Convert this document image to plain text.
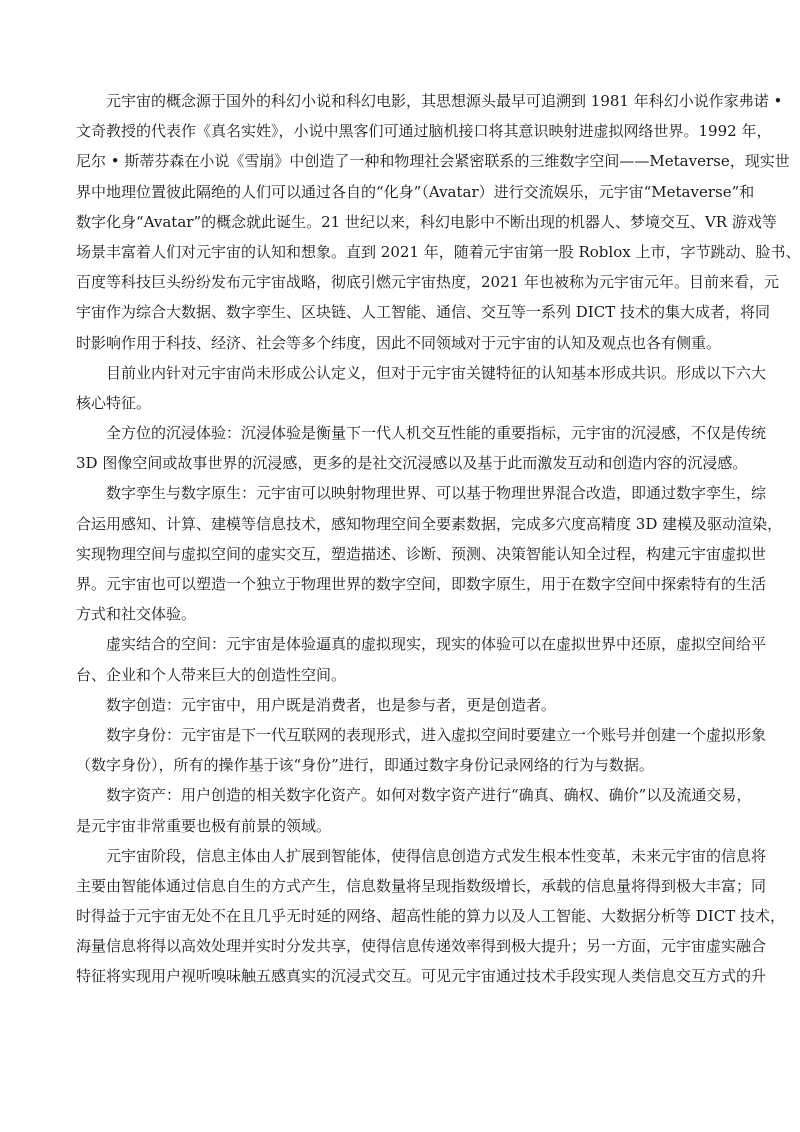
元宇宙的概念源于国外的科幻小说和科幻电影，其思想源头最早可追溯到 1981 年科幻小说作家弗诺 •
文奇教授的代表作《真名实姓》，小说中黑客们可通过脑机接口将其意识映射进虚拟网络世界。1992 年，
尼尔 • 斯蒂芬森在小说《雪崩》中创造了一种和物理社会紧密联系的三维数字空间——Metaverse，现实世
界中地理位置彼此隔绝的人们可以通过各自的“化身”（Avatar）进行交流娱乐，元宇宙“Metaverse”和
数字化身“Avatar”的概念就此诞生。21 世纪以来，科幻电影中不断出现的机器人、梦境交互、VR 游戏等
场景丰富着人们对元宇宙的认知和想象。直到 2021 年，随着元宇宙第一股 Roblox 上市，字节跳动、脸书、
百度等科技巨头纷纷发布元宇宙战略，彻底引燃元宇宙热度，2021 年也被称为元宇宙元年。目前来看，元
宇宙作为综合大数据、数字孪生、区块链、人工智能、通信、交互等一系列 DICT 技术的集大成者，将同
时影响作用于科技、经济、社会等多个纬度，因此不同领域对于元宇宙的认知及观点也各有侧重。
目前业内针对元宇宙尚未形成公认定义，但对于元宇宙关键特征的认知基本形成共识。形成以下六大
核心特征。
全方位的沉浸体验：沉浸体验是衡量下一代人机交互性能的重要指标，元宇宙的沉浸感，不仅是传统
3D 图像空间或故事世界的沉浸感，更多的是社交沉浸感以及基于此而激发互动和创造内容的沉浸感。
数字孪生与数字原生：元宇宙可以映射物理世界、可以基于物理世界混合改造，即通过数字孪生，综
合运用感知、计算、建模等信息技术，感知物理空间全要素数据，完成多穴度高精度 3D 建模及驱动渲染，
实现物理空间与虚拟空间的虚实交互，塑造描述、诊断、预测、决策智能认知全过程，构建元宇宙虚拟世
界。元宇宙也可以塑造一个独立于物理世界的数字空间，即数字原生，用于在数字空间中探索特有的生活
方式和社交体验。
虚实结合的空间：元宇宙是体验逼真的虚拟现实，现实的体验可以在虚拟世界中还原，虚拟空间给平
台、企业和个人带来巨大的创造性空间。
数字创造：元宇宙中，用户既是消费者，也是参与者，更是创造者。
数字身份：元宇宙是下一代互联网的表现形式，进入虚拟空间时要建立一个账号并创建一个虚拟形象
（数字身份），所有的操作基于该“身份”进行，即通过数字身份记录网络的行为与数据。
数字资产：用户创造的相关数字化资产。如何对数字资产进行“确真、确权、确价”以及流通交易，
是元宇宙非常重要也极有前景的领域。
元宇宙阶段，信息主体由人扩展到智能体，使得信息创造方式发生根本性变革，未来元宇宙的信息将
主要由智能体通过信息自生的方式产生，信息数量将呈现指数级增长，承载的信息量将得到极大丰富；同
时得益于元宇宙无处不在且几乎无时延的网络、超高性能的算力以及人工智能、大数据分析等 DICT 技术，
海量信息将得以高效处理并实时分发共享，使得信息传递效率得到极大提升；另一方面，元宇宙虚实融合
特征将实现用户视听嗅味触五感真实的沉浸式交互。可见元宇宙通过技术手段实现人类信息交互方式的升
